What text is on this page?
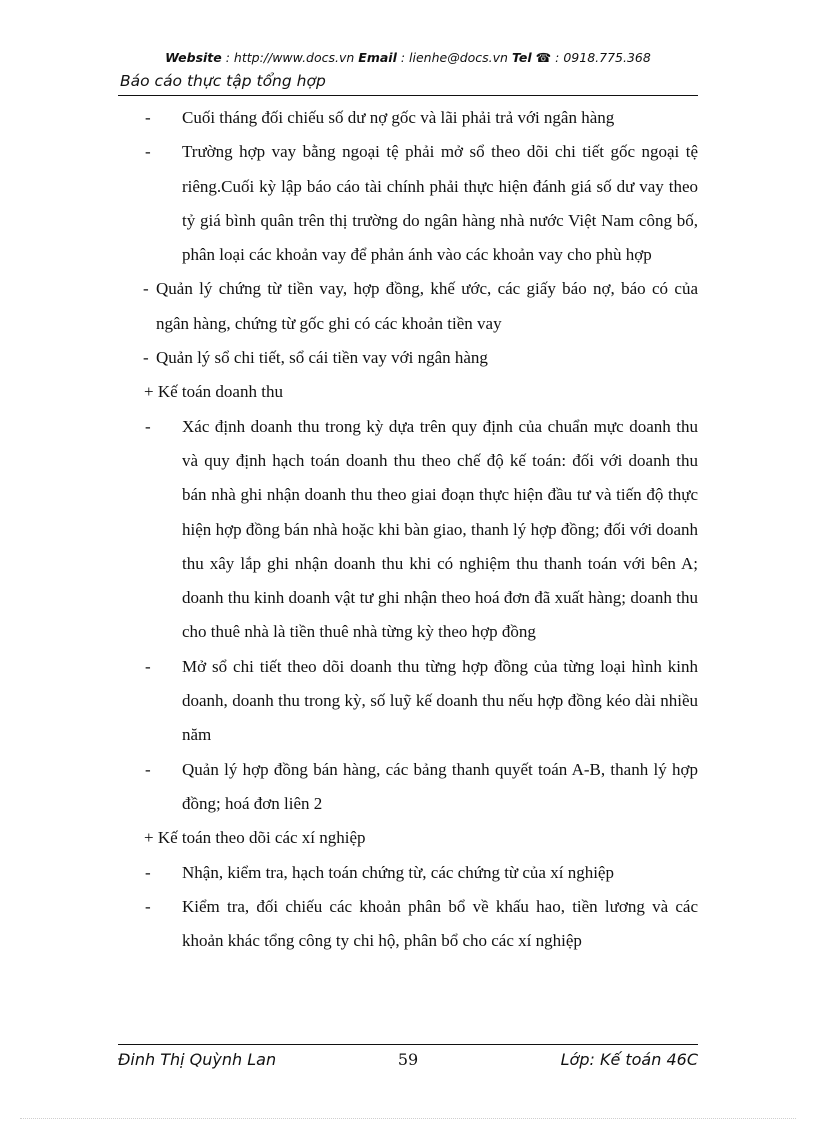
Website : http://www.docs.vn Email : lienhe@docs.vn Tel ☎ : 0918.775.368
Báo cáo thực tập tổng hợp
- Cuối tháng đối chiếu số dư nợ gốc và lãi phải trả với ngân hàng
- Trường hợp vay bằng ngoại tệ phải mở sổ theo dõi chi tiết gốc ngoại tệ riêng.Cuối kỳ lập báo cáo tài chính phải thực hiện đánh giá số dư vay theo tỷ giá bình quân trên thị trường do ngân hàng nhà nước Việt Nam công bố, phân loại các khoản vay để phản ánh vào các khoản vay cho phù hợp
- Quản lý chứng từ tiền vay, hợp đồng, khế ước, các giấy báo nợ, báo có của ngân hàng, chứng từ gốc ghi có các khoản tiền vay
- Quản lý sổ chi tiết, sổ cái tiền vay với ngân hàng
+ Kế toán doanh thu
- Xác định doanh thu trong kỳ dựa trên quy định của chuẩn mực doanh thu và quy định hạch toán doanh thu theo chế độ kế toán: đối với doanh thu bán nhà ghi nhận doanh thu theo giai đoạn thực hiện đầu tư và tiến độ thực hiện hợp đồng bán nhà hoặc khi bàn giao, thanh lý hợp đồng; đối với doanh thu xây lắp ghi nhận doanh thu khi có nghiệm thu thanh toán với bên A; doanh thu kinh doanh vật tư ghi nhận theo hoá đơn đã xuất hàng; doanh thu cho thuê nhà là tiền thuê nhà từng kỳ theo hợp đồng
- Mở sổ chi tiết theo dõi doanh thu từng hợp đồng của từng loại hình kinh doanh, doanh thu trong kỳ, số luỹ kế doanh thu nếu hợp đồng kéo dài nhiều năm
- Quản lý hợp đồng bán hàng, các bảng thanh quyết toán A-B, thanh lý hợp đồng; hoá đơn liên 2
+ Kế toán theo dõi các xí nghiệp
- Nhận, kiểm tra, hạch toán chứng từ, các chứng từ của xí nghiệp
- Kiểm tra, đối chiếu các khoản phân bổ về khấu hao, tiền lương và các khoản khác tổng công ty chi hộ, phân bổ cho các xí nghiệp
Đinh Thị Quỳnh Lan	59	Lớp: Kế toán 46C
